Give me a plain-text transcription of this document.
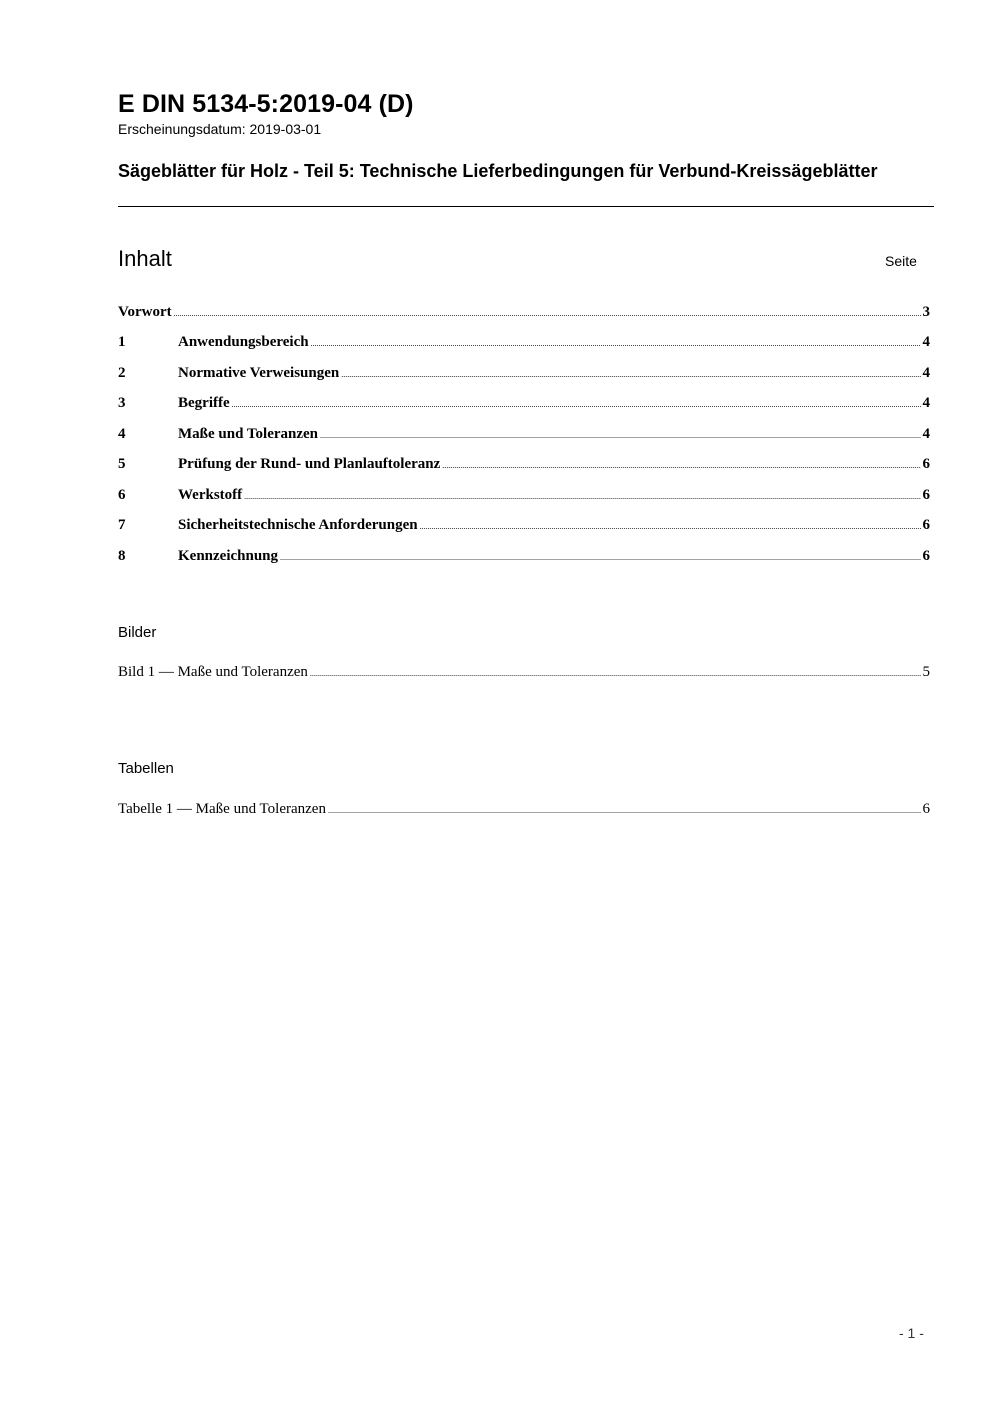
E DIN 5134-5:2019-04 (D)
Erscheinungsdatum: 2019-03-01
Sägeblätter für Holz - Teil 5: Technische Lieferbedingungen für Verbund-Kreissägeblätter
Inhalt	Seite
Vorwort .....	3
1	Anwendungsbereich .....	4
2	Normative Verweisungen .....	4
3	Begriffe .....	4
4	Maße und Toleranzen .....	4
5	Prüfung der Rund- und Planlauftoleranz .....	6
6	Werkstoff .....	6
7	Sicherheitstechnische Anforderungen .....	6
8	Kennzeichnung .....	6
Bilder
Bild 1 — Maße und Toleranzen .....	5
Tabellen
Tabelle 1 — Maße und Toleranzen .....	6
- 1 -
